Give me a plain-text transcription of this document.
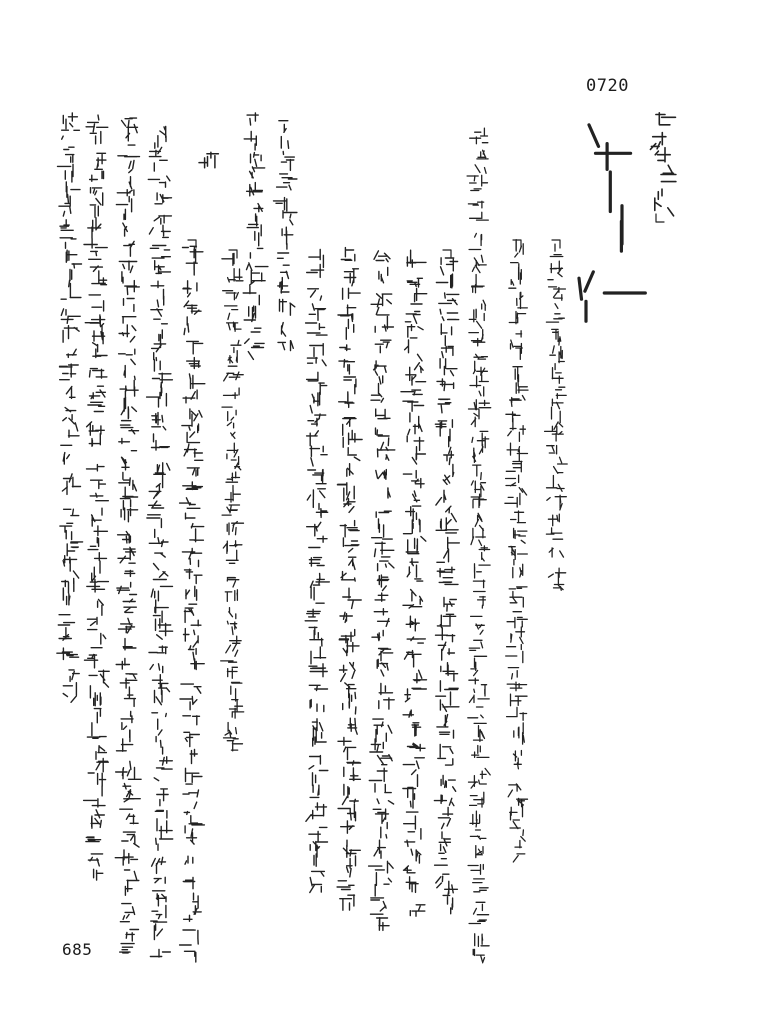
0720
685
